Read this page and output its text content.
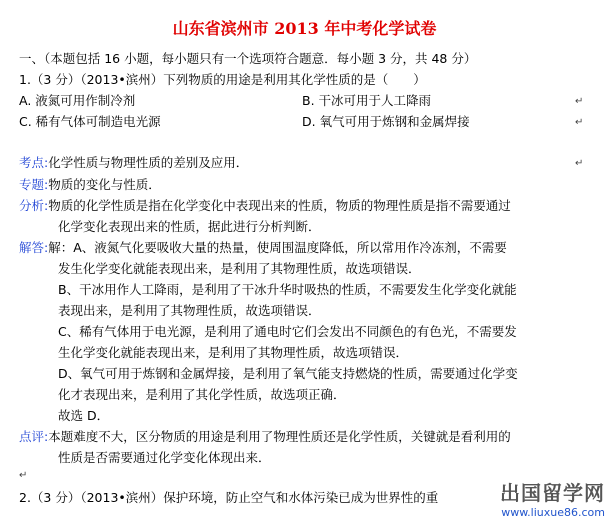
山东省滨州市 2013 年中考化学试卷
一、（本题包括 16 小题，每小题只有一个选项符合题意．每小题 3 分，共 48 分）
1.（3 分）（2013•滨州）下列物质的用途是利用其化学性质的是（　　）
A. 液氮可用作制冷剂	B. 干冰可用于人工降雨	↵
C. 稀有气体可制造电光源	D. 氧气可用于炼钢和金属焊接	↵
考点:化学性质与物理性质的差别及应用．	↵
专题:物质的变化与性质．
分析:物质的化学性质是指在化学变化中表现出来的性质，物质的物理性质是指不需要通过
化学变化表现出来的性质，据此进行分析判断．
解答:解：A、液氮气化要吸收大量的热量，使周围温度降低，所以常用作冷冻剂，不需要
发生化学变化就能表现出来，是利用了其物理性质，故选项错误．
B、干冰用作人工降雨，是利用了干冰升华时吸热的性质，不需要发生化学变化就能
表现出来，是利用了其物理性质，故选项错误．
C、稀有气体用于电光源，是利用了通电时它们会发出不同颜色的有色光，不需要发
生化学变化就能表现出来，是利用了其物理性质，故选项错误．
D、氧气可用于炼钢和金属焊接，是利用了氧气能支持燃烧的性质，需要通过化学变
化才表现出来，是利用了其化学性质，故选项正确．
故选 D．
点评:本题难度不大，区分物质的用途是利用了物理性质还是化学性质，关键就是看利用的
性质是否需要通过化学变化体现出来．
↵
2.（3 分）（2013•滨州）保护环境，防止空气和水体污染已成为世界性的重	出国留学网
www.liuxue86.com
